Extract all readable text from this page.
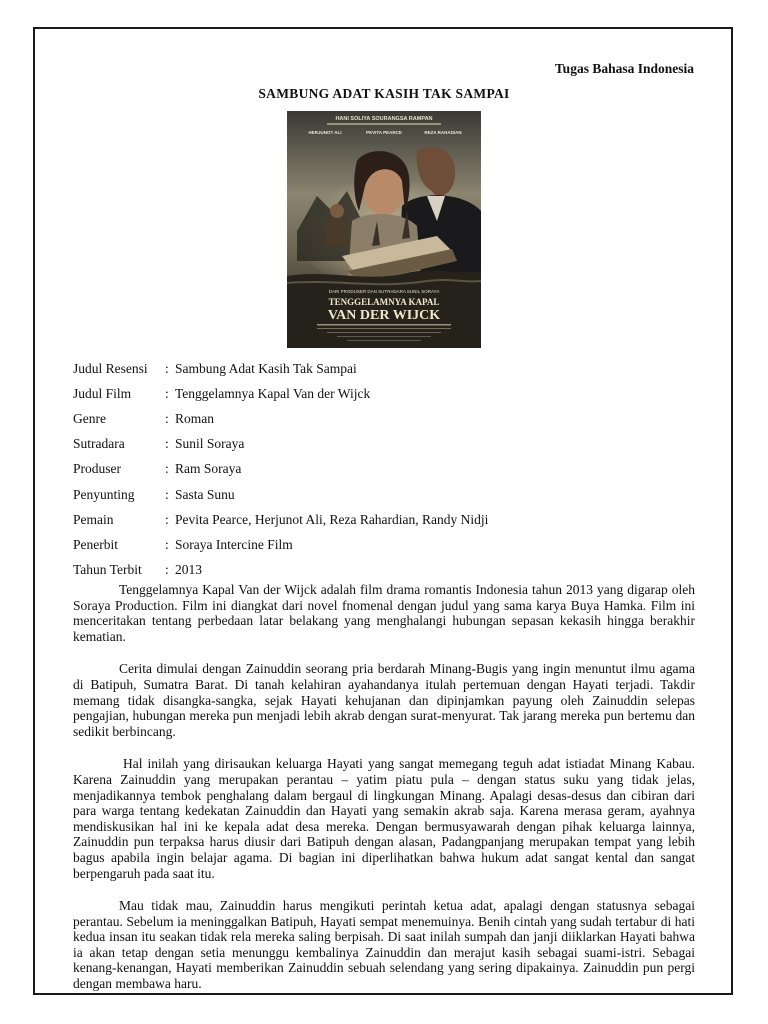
Tugas Bahasa Indonesia
SAMBUNG ADAT KASIH TAK SAMPAI
HANI SOLIYA SOURANGSA RAMPAN
HERJUNOT ALI	PEVITA PEARCE	REZA RAHADIAN
DARI PRODUSER DAN SUTRADARA SUNIL SORAYA
TENGGELAMNYA KAPAL
VAN DER WIJCK
Judul Resensi	: Sambung Adat Kasih Tak Sampai
Judul Film	: Tenggelamnya Kapal Van der Wijck
Genre	: Roman
Sutradara	: Sunil Soraya
Produser	: Ram Soraya
Penyunting	: Sasta Sunu
Pemain	: Pevita Pearce, Herjunot Ali, Reza Rahardian, Randy Nidji
Penerbit	: Soraya Intercine Film
Tahun Terbit	: 2013

Tenggelamnya Kapal Van der Wijck adalah film drama romantis Indonesia tahun 2013 yang digarap oleh Soraya Production. Film ini diangkat dari novel fnomenal dengan judul yang sama karya Buya Hamka. Film ini menceritakan tentang perbedaan latar belakang yang menghalangi hubungan sepasan kekasih hingga berakhir kematian.

Cerita dimulai dengan Zainuddin seorang pria berdarah Minang-Bugis yang ingin menuntut ilmu agama di Batipuh, Sumatra Barat. Di tanah kelahiran ayahandanya itulah pertemuan dengan Hayati terjadi. Takdir memang tidak disangka-sangka, sejak Hayati kehujanan dan dipinjamkan payung oleh Zainuddin selepas pengajian, hubungan mereka pun menjadi lebih akrab dengan surat-menyurat. Tak jarang mereka pun bertemu dan sedikit berbincang.

Hal inilah yang dirisaukan keluarga Hayati yang sangat memegang teguh adat istiadat Minang Kabau. Karena Zainuddin yang merupakan perantau – yatim piatu pula – dengan status suku yang tidak jelas, menjadikannya tembok penghalang dalam bergaul di lingkungan Minang. Apalagi desas-desus dan cibiran dari para warga tentang kedekatan Zainuddin dan Hayati yang semakin akrab saja. Karena merasa geram, ayahnya mendiskusikan hal ini ke kepala adat desa mereka. Dengan bermusyawarah dengan pihak keluarga lainnya, Zainuddin pun terpaksa harus diusir dari Batipuh dengan alasan, Padangpanjang merupakan tempat yang lebih bagus apabila ingin belajar agama. Di bagian ini diperlihatkan bahwa hukum adat sangat kental dan sangat berpengaruh pada saat itu.

Mau tidak mau, Zainuddin harus mengikuti perintah ketua adat, apalagi dengan statusnya sebagai perantau. Sebelum ia meninggalkan Batipuh, Hayati sempat menemuinya. Benih cintah yang sudah tertabur di hati kedua insan itu seakan tidak rela mereka saling berpisah. Di saat inilah sumpah dan janji diiklarkan Hayati bahwa ia akan tetap dengan setia menunggu kembalinya Zainuddin dan merajut kasih sebagai suami-istri. Sebagai kenang-kenangan, Hayati memberikan Zainuddin sebuah selendang yang sering dipakainya. Zainuddin pun pergi dengan membawa haru.
